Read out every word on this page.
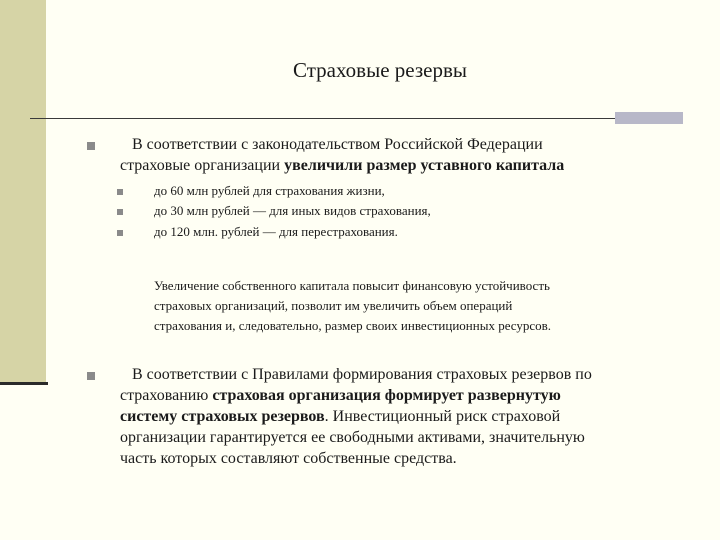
Страховые резервы
В соответствии с законодательством Российской Федерации
страховые организации увеличили размер уставного капитала
до 60 млн рублей для страхования жизни,
до 30 млн рублей — для иных видов страхования,
до 120 млн. рублей — для перестрахования.
Увеличение собственного капитала повысит финансовую устойчивость
страховых организаций, позволит им увеличить объем операций
страхования и, следовательно, размер своих инвестиционных ресурсов.
В соответствии с Правилами формирования страховых резервов по
страхованию страховая организация формирует развернутую
систему страховых резервов. Инвестиционный риск страховой
организации гарантируется ее свободными активами, значительную
часть которых составляют собственные средства.
